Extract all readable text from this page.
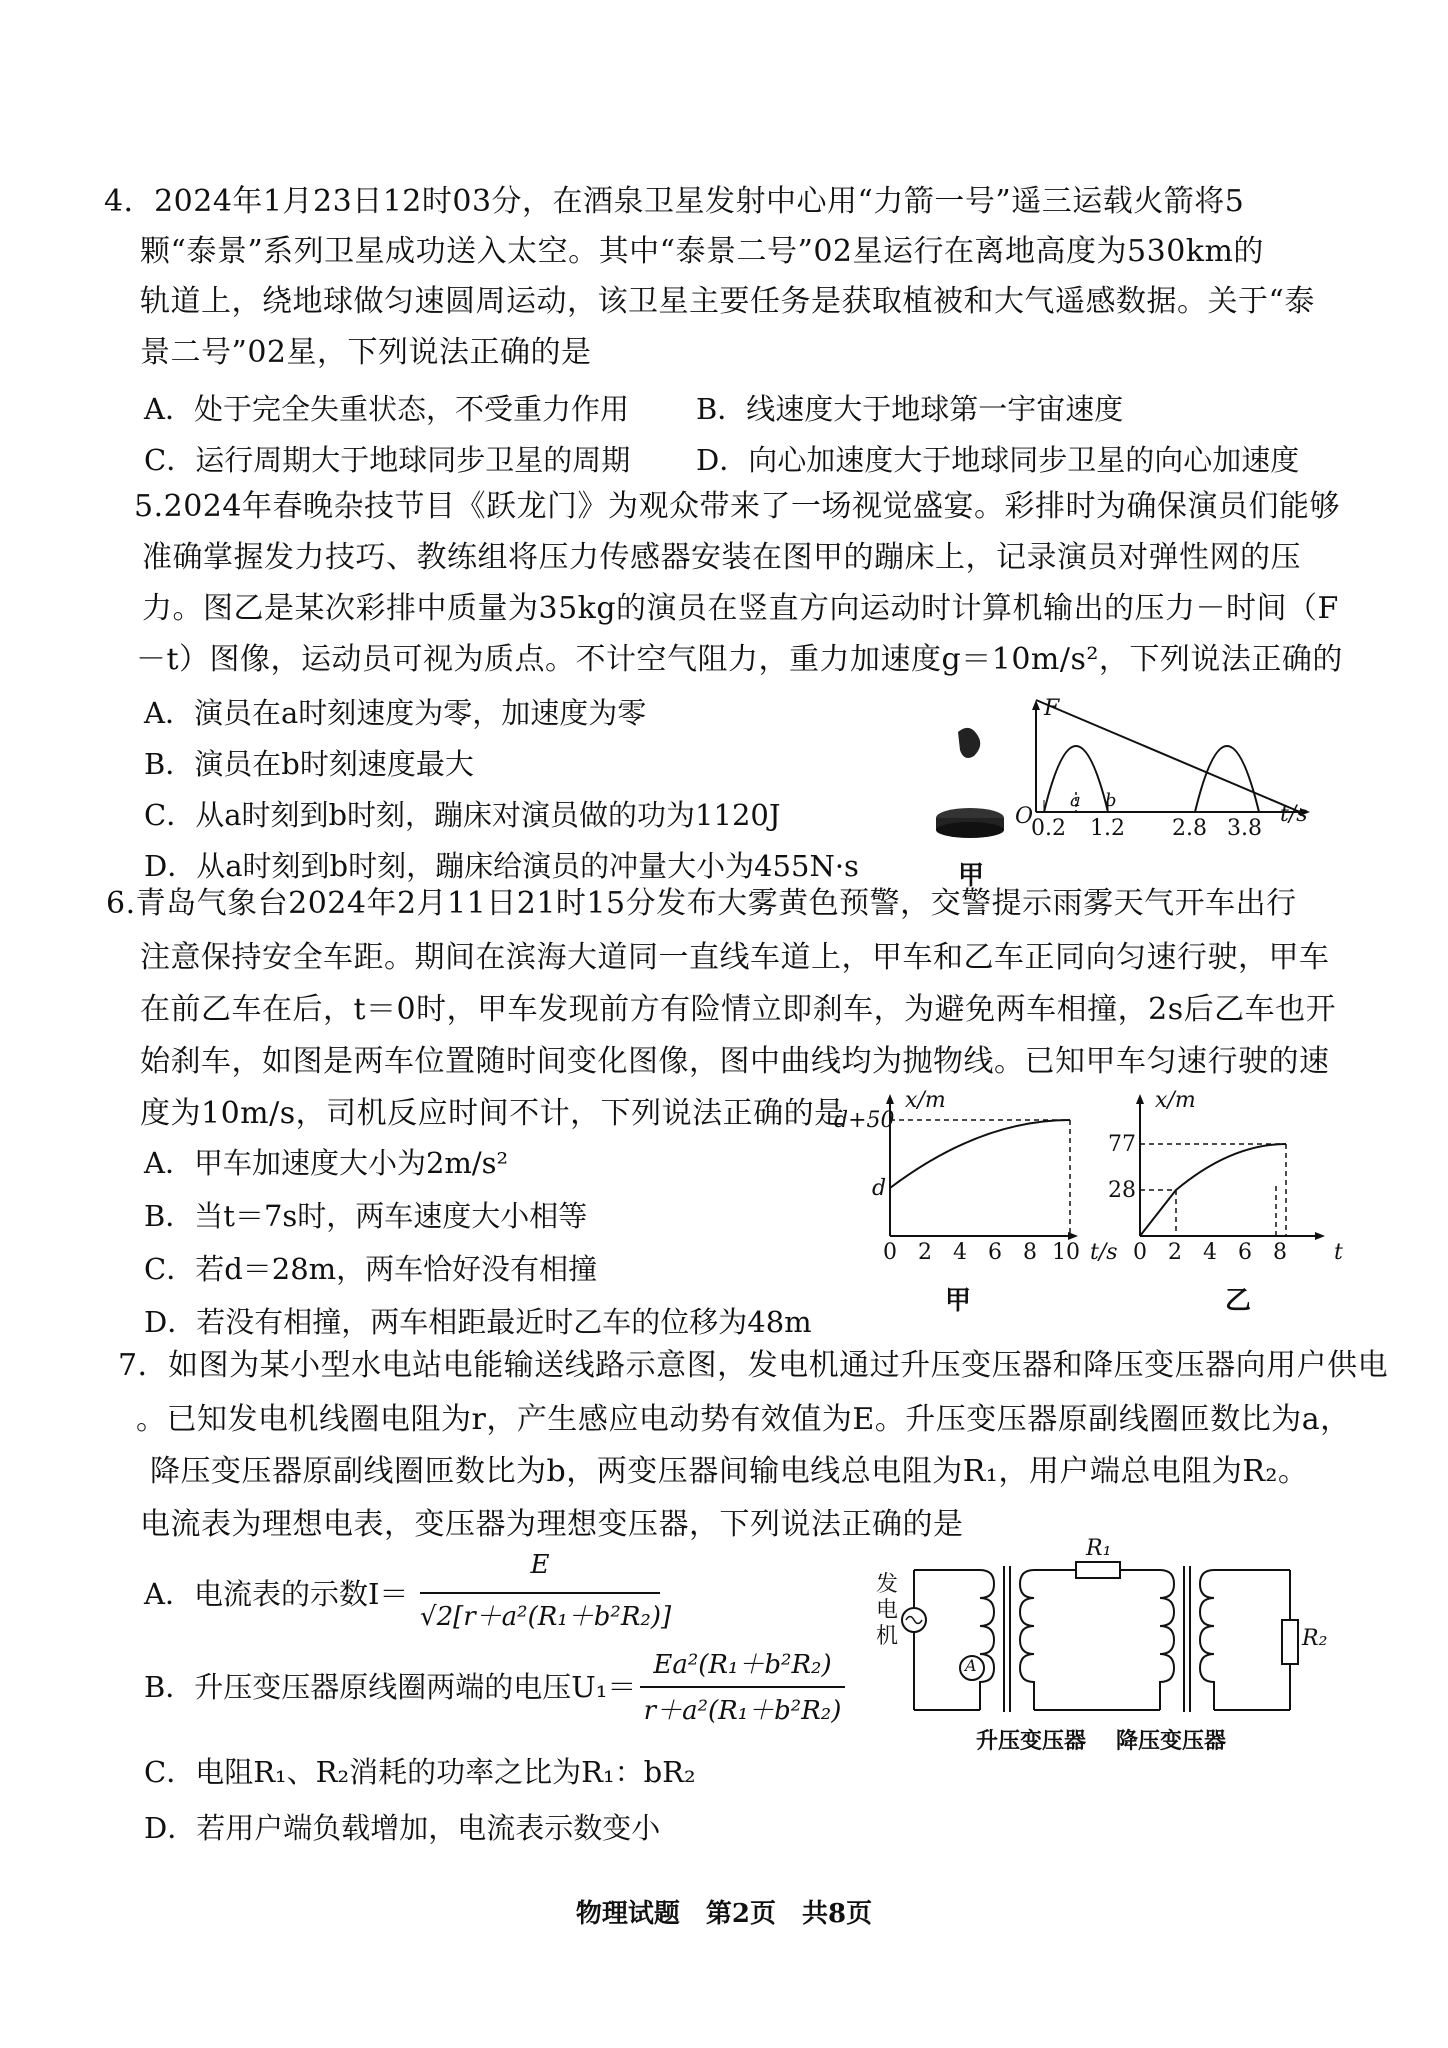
4．2024年1月23日12时03分，在酒泉卫星发射中心用“力箭一号”遥三运载火箭将5
颗“泰景”系列卫星成功送入太空。其中“泰景二号”02星运行在离地高度为530km的
轨道上，绕地球做匀速圆周运动，该卫星主要任务是获取植被和大气遥感数据。关于“泰
景二号”02星，下列说法正确的是
A．处于完全失重状态，不受重力作用 B．线速度大于地球第一宇宙速度
C．运行周期大于地球同步卫星的周期 D．向心加速度大于地球同步卫星的向心加速度
5.2024年春晚杂技节目《跃龙门》为观众带来了一场视觉盛宴。彩排时为确保演员们能够
准确掌握发力技巧、教练组将压力传感器安装在图甲的蹦床上，记录演员对弹性网的压
力。图乙是某次彩排中质量为35kg的演员在竖直方向运动时计算机输出的压力－时间（F
－t）图像，运动员可视为质点。不计空气阻力，重力加速度g＝10m/s²，下列说法正确的
A．演员在a时刻速度为零，加速度为零
B．演员在b时刻速度最大
C．从a时刻到b时刻，蹦床对演员做的功为1120J
D．从a时刻到b时刻，蹦床给演员的冲量大小为455N·s	甲
F
O
a b
0.2 1.2 2.8 3.8
t/s
6.青岛气象台2024年2月11日21时15分发布大雾黄色预警，交警提示雨雾天气开车出行
注意保持安全车距。期间在滨海大道同一直线车道上，甲车和乙车正同向匀速行驶，甲车
在前乙车在后，t＝0时，甲车发现前方有险情立即刹车，为避免两车相撞，2s后乙车也开
始刹车，如图是两车位置随时间变化图像，图中曲线均为抛物线。已知甲车匀速行驶的速
度为10m/s，司机反应时间不计，下列说法正确的是
A．甲车加速度大小为2m/s²
B．当t＝7s时，两车速度大小相等
C．若d＝28m，两车恰好没有相撞
D．若没有相撞，两车相距最近时乙车的位移为48m
x/m
d+50
d
0 2 4 6 8 10 t/s
甲
x/m
77
28
0 2 4 6 8 t
乙
7．如图为某小型水电站电能输送线路示意图，发电机通过升压变压器和降压变压器向用户供电
。已知发电机线圈电阻为r，产生感应电动势有效值为E。升压变压器原副线圈匝数比为a，
降压变压器原副线圈匝数比为b，两变压器间输电线总电阻为R₁，用户端总电阻为R₂。
电流表为理想电表，变压器为理想变压器，下列说法正确的是
A．电流表的示数I＝
E
√2[r＋a²(R₁＋b²R₂)]
B．升压变压器原线圈两端的电压U₁＝
Ea²(R₁＋b²R₂)
r＋a²(R₁＋b²R₂)
C．电阻R₁、R₂消耗的功率之比为R₁：bR₂
D．若用户端负载增加，电流表示数变小
发电机
A
R₁
R₂
升压变压器 降压变压器
物理试题　第2页　共8页
